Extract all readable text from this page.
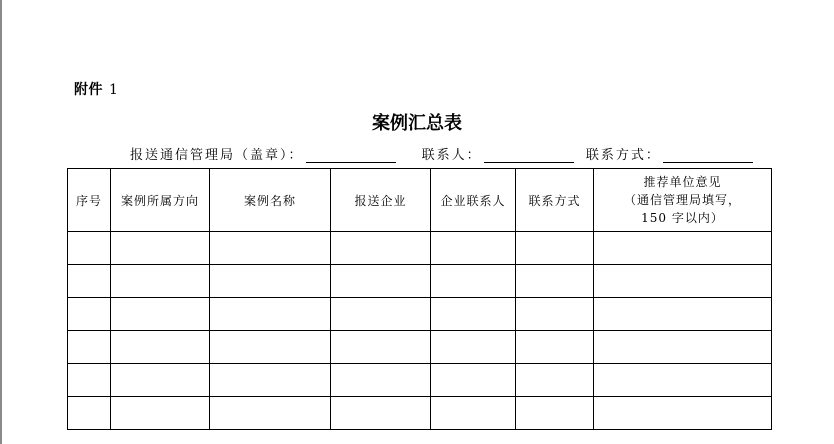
附件 1
案例汇总表
报送通信管理局（盖章）：	联系人：	联系方式：
序号	案例所属方向	案例名称	报送企业	企业联系人	联系方式	推荐单位意见
（通信管理局填写，
150 字以内）
